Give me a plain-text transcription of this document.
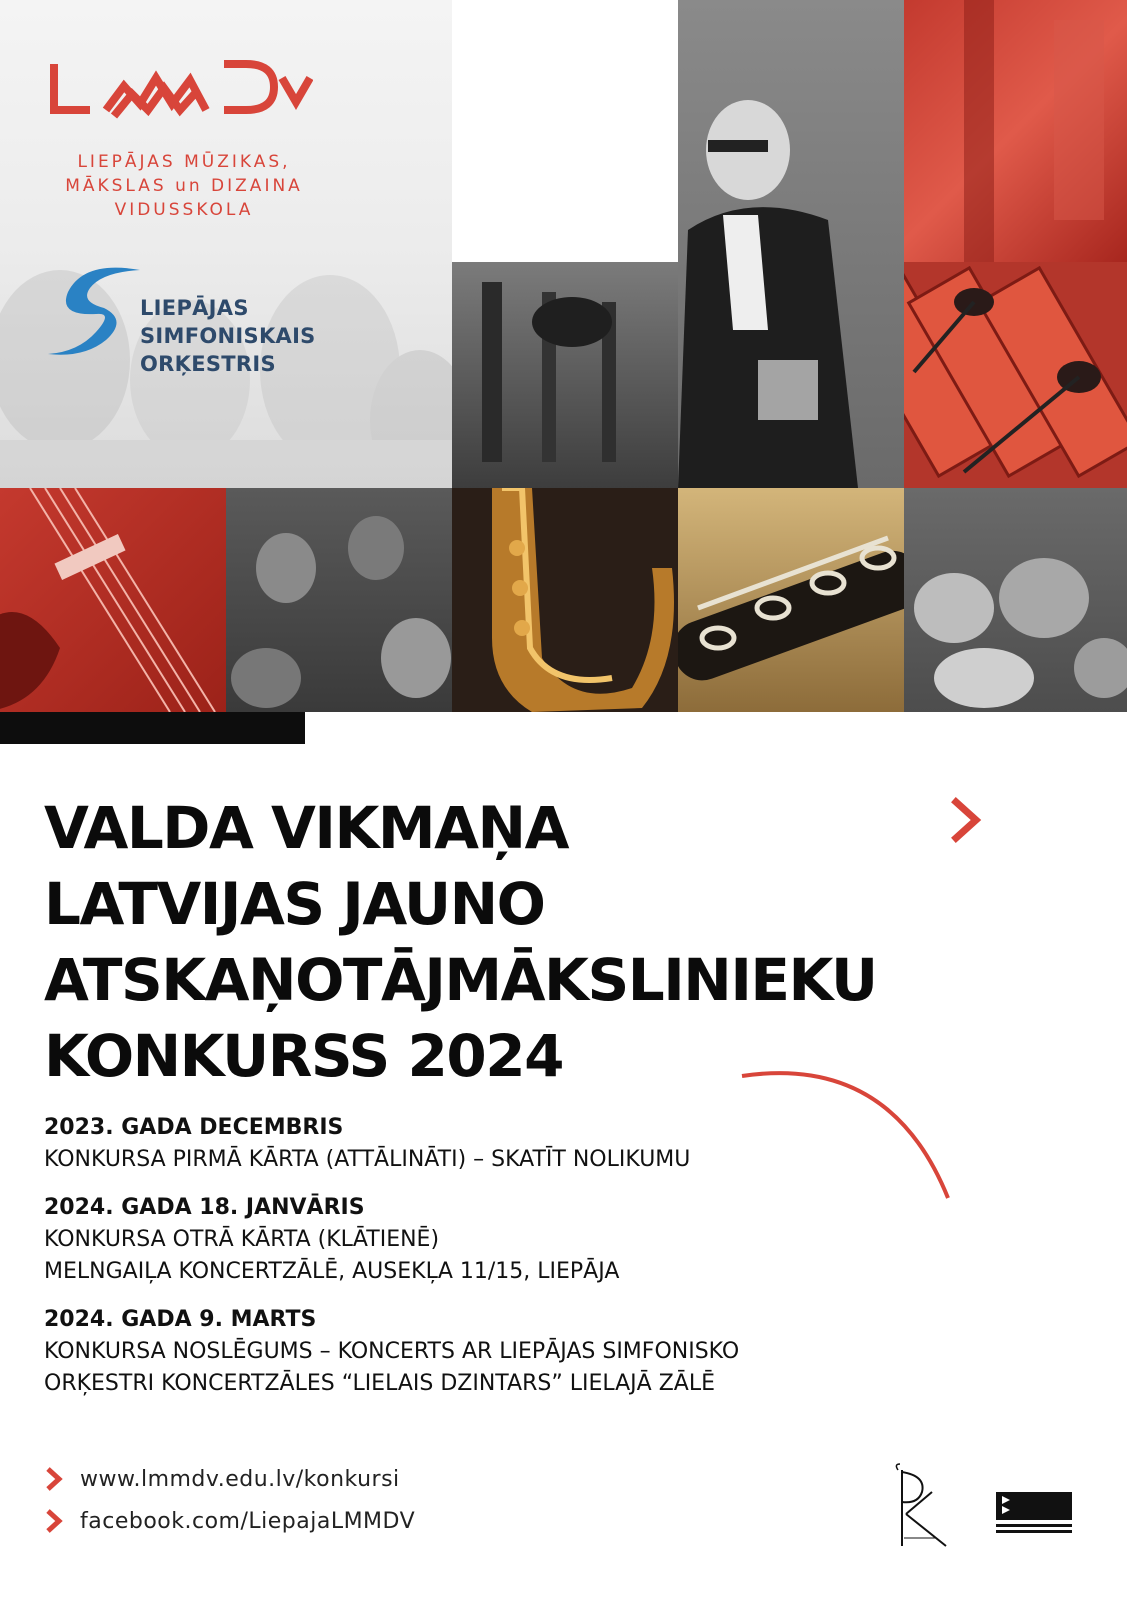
LIEPĀJAS MŪZIKAS,
MĀKSLAS un DIZAINA
VIDUSSKOLA
LIEPĀJAS
SIMFONISKAIS
ORĶESTRIS
VALDA VIKMAŅA
LATVIJAS JAUNO
ATSKAŅOTĀJMĀKSLINIEKU
KONKURSS 2024
2023. GADA DECEMBRIS
KONKURSA PIRMĀ KĀRTA (ATTĀLINĀTI) – SKATĪT NOLIKUMU
2024. GADA 18. JANVĀRIS
KONKURSA OTRĀ KĀRTA (KLĀTIENĒ)
MELNGAIĻA KONCERTZĀLĒ, AUSEKĻA 11/15, LIEPĀJA
2024. GADA 9. MARTS
KONKURSA NOSLĒGUMS – KONCERTS AR LIEPĀJAS SIMFONISKO
ORĶESTRI KONCERTZĀLES “LIELAIS DZINTARS” LIELAJĀ ZĀLĒ
www.lmmdv.edu.lv/konkursi
facebook.com/LiepajaLMMDV
